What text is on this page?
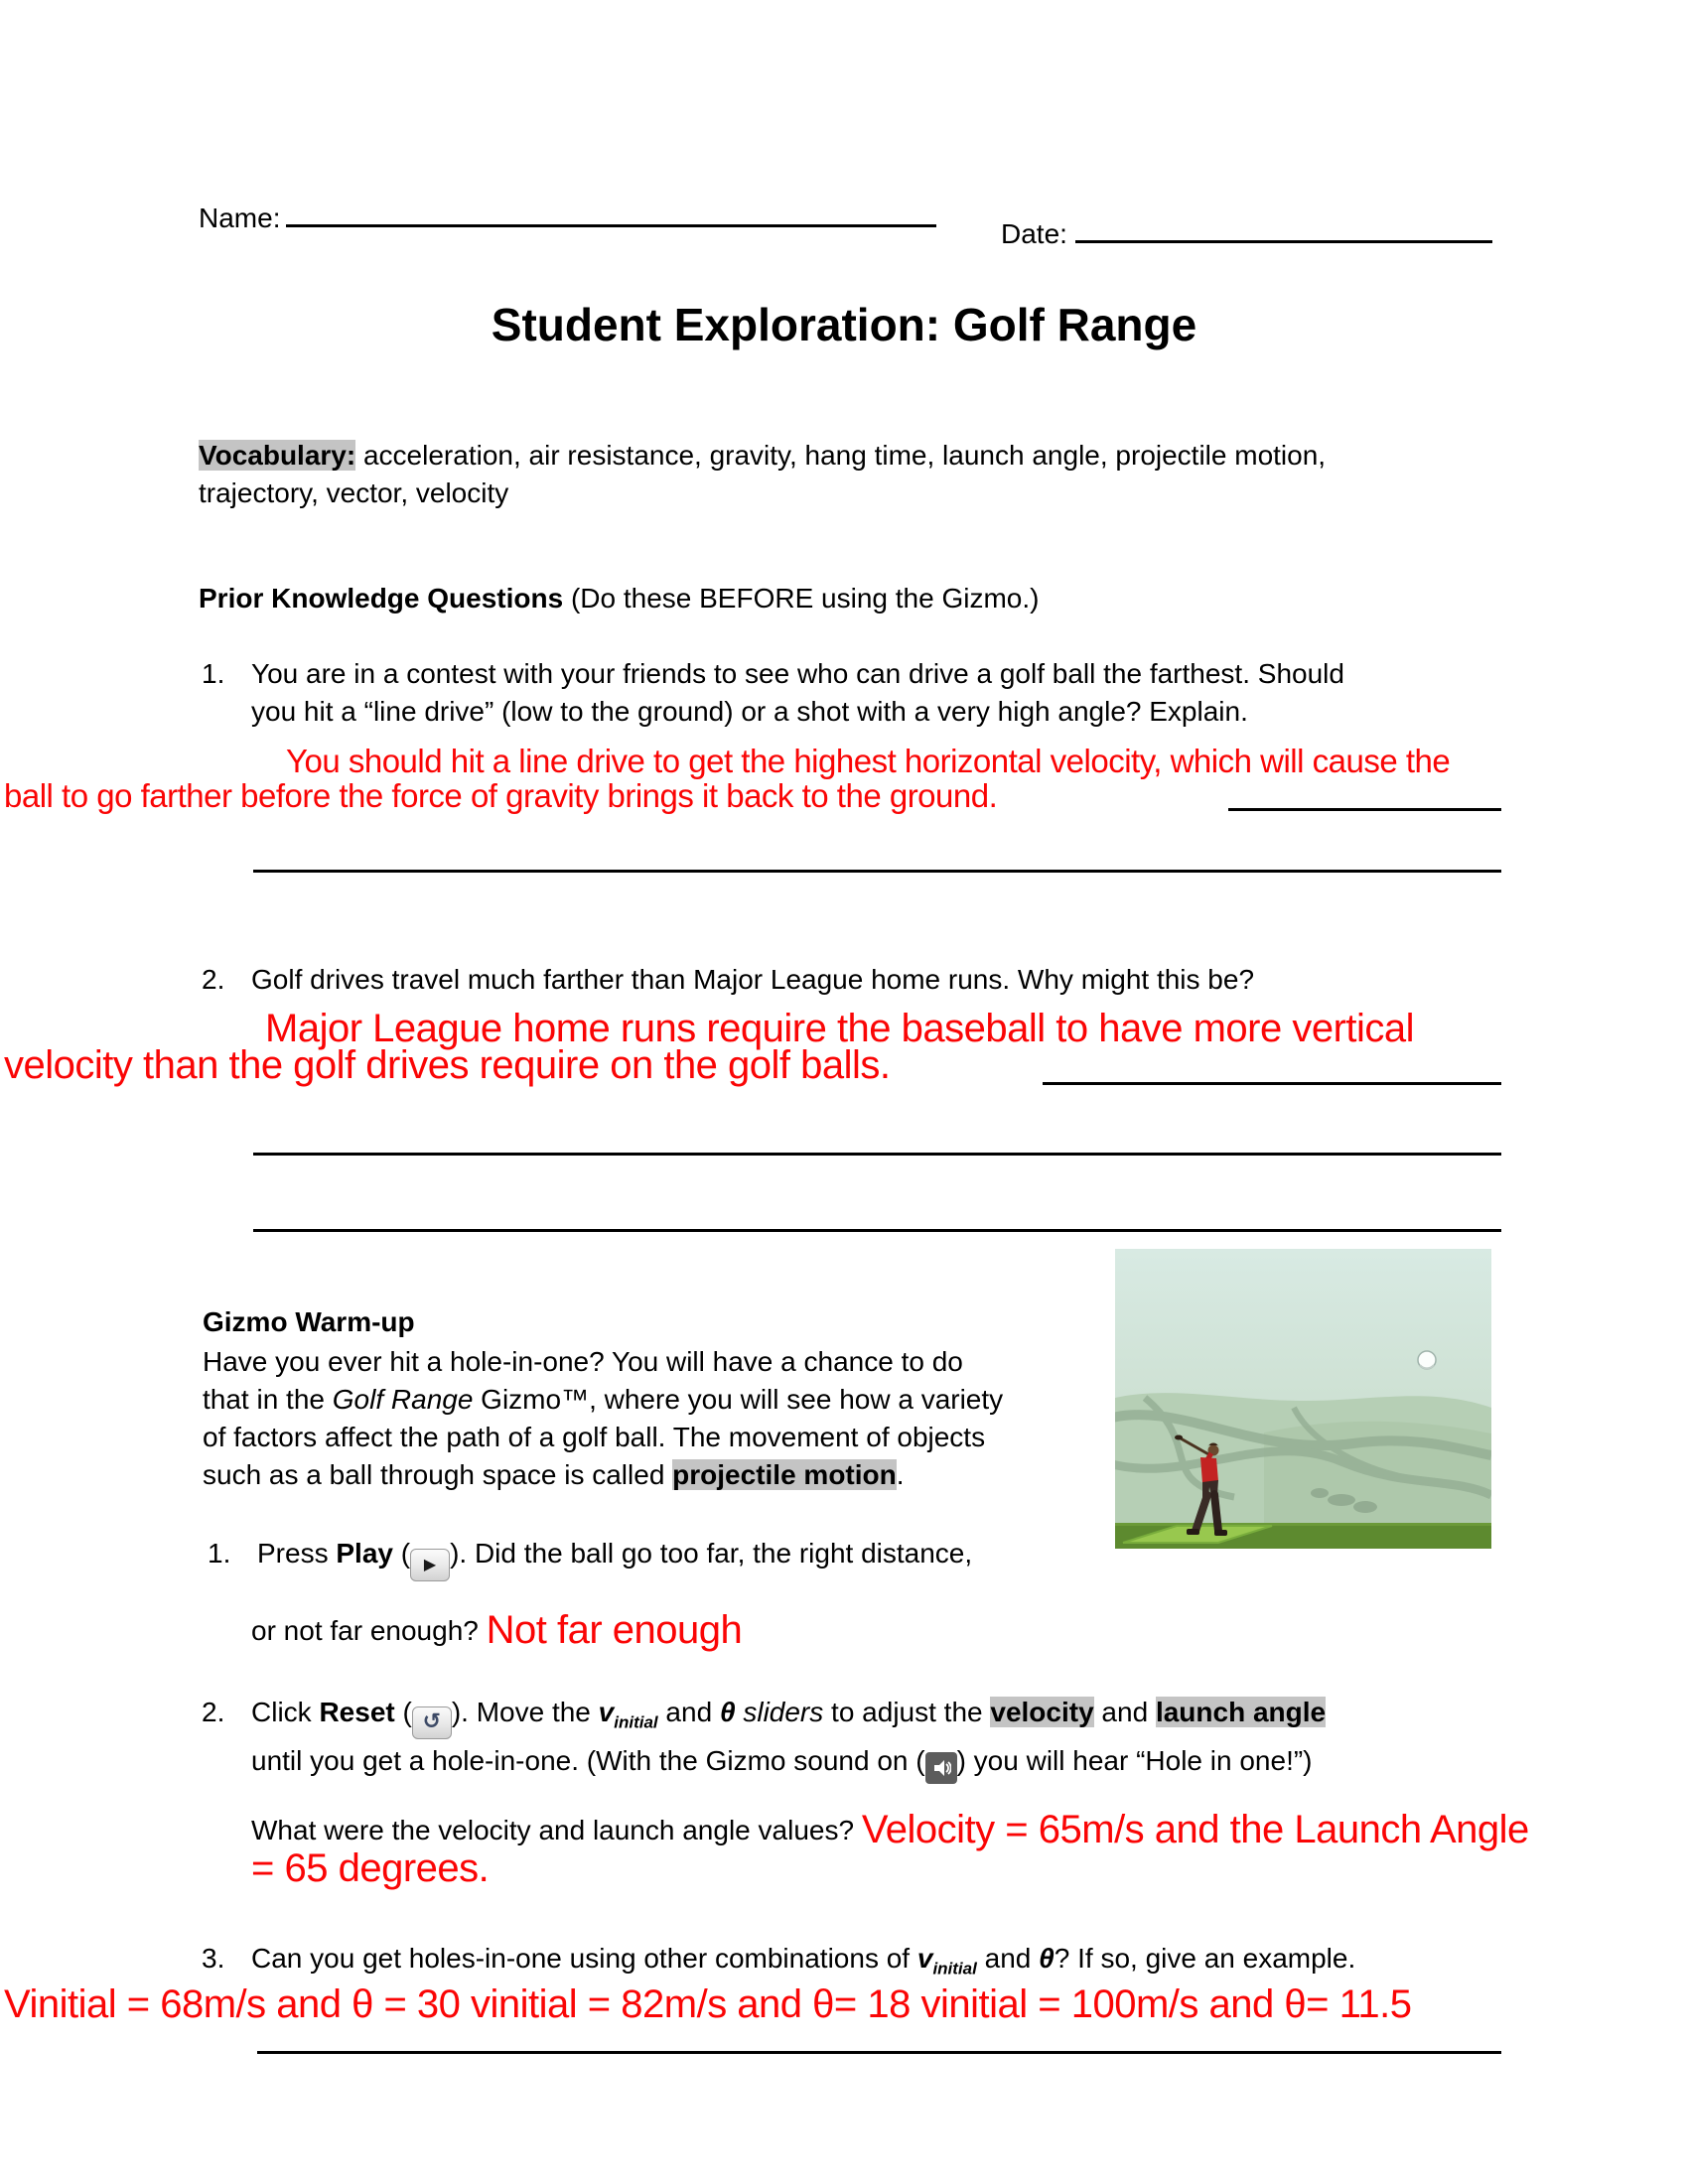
Name:
Date:
Student Exploration: Golf Range
Vocabulary: acceleration, air resistance, gravity, hang time, launch angle, projectile motion,
trajectory, vector, velocity
Prior Knowledge Questions (Do these BEFORE using the Gizmo.)
1. You are in a contest with your friends to see who can drive a golf ball the farthest. Should
you hit a “line drive” (low to the ground) or a shot with a very high angle? Explain.
You should hit a line drive to get the highest horizontal velocity, which will cause the
ball to go farther before the force of gravity brings it back to the ground.
2. Golf drives travel much farther than Major League home runs. Why might this be?
Major League home runs require the baseball to have more vertical
velocity than the golf drives require on the golf balls.
Gizmo Warm-up
Have you ever hit a hole-in-one? You will have a chance to do
that in the Golf Range Gizmo™, where you will see how a variety
of factors affect the path of a golf ball. The movement of objects
such as a ball through space is called projectile motion.
1. Press Play ( ▶ ). Did the ball go too far, the right distance,
or not far enough? Not far enough
2. Click Reset ( ↺ ). Move the $v_{initial}$ and θ sliders to adjust the velocity and launch angle
until you get a hole-in-one. (With the Gizmo sound on ( ) you will hear “Hole in one!”)
What were the velocity and launch angle values? Velocity = 65m/s and the Launch Angle
= 65 degrees.
3. Can you get holes-in-one using other combinations of $v_{initial}$ and θ? If so, give an example.
Vinitial = 68m/s and θ = 30 vinitial = 82m/s and θ= 18 vinitial = 100m/s and θ= 11.5
